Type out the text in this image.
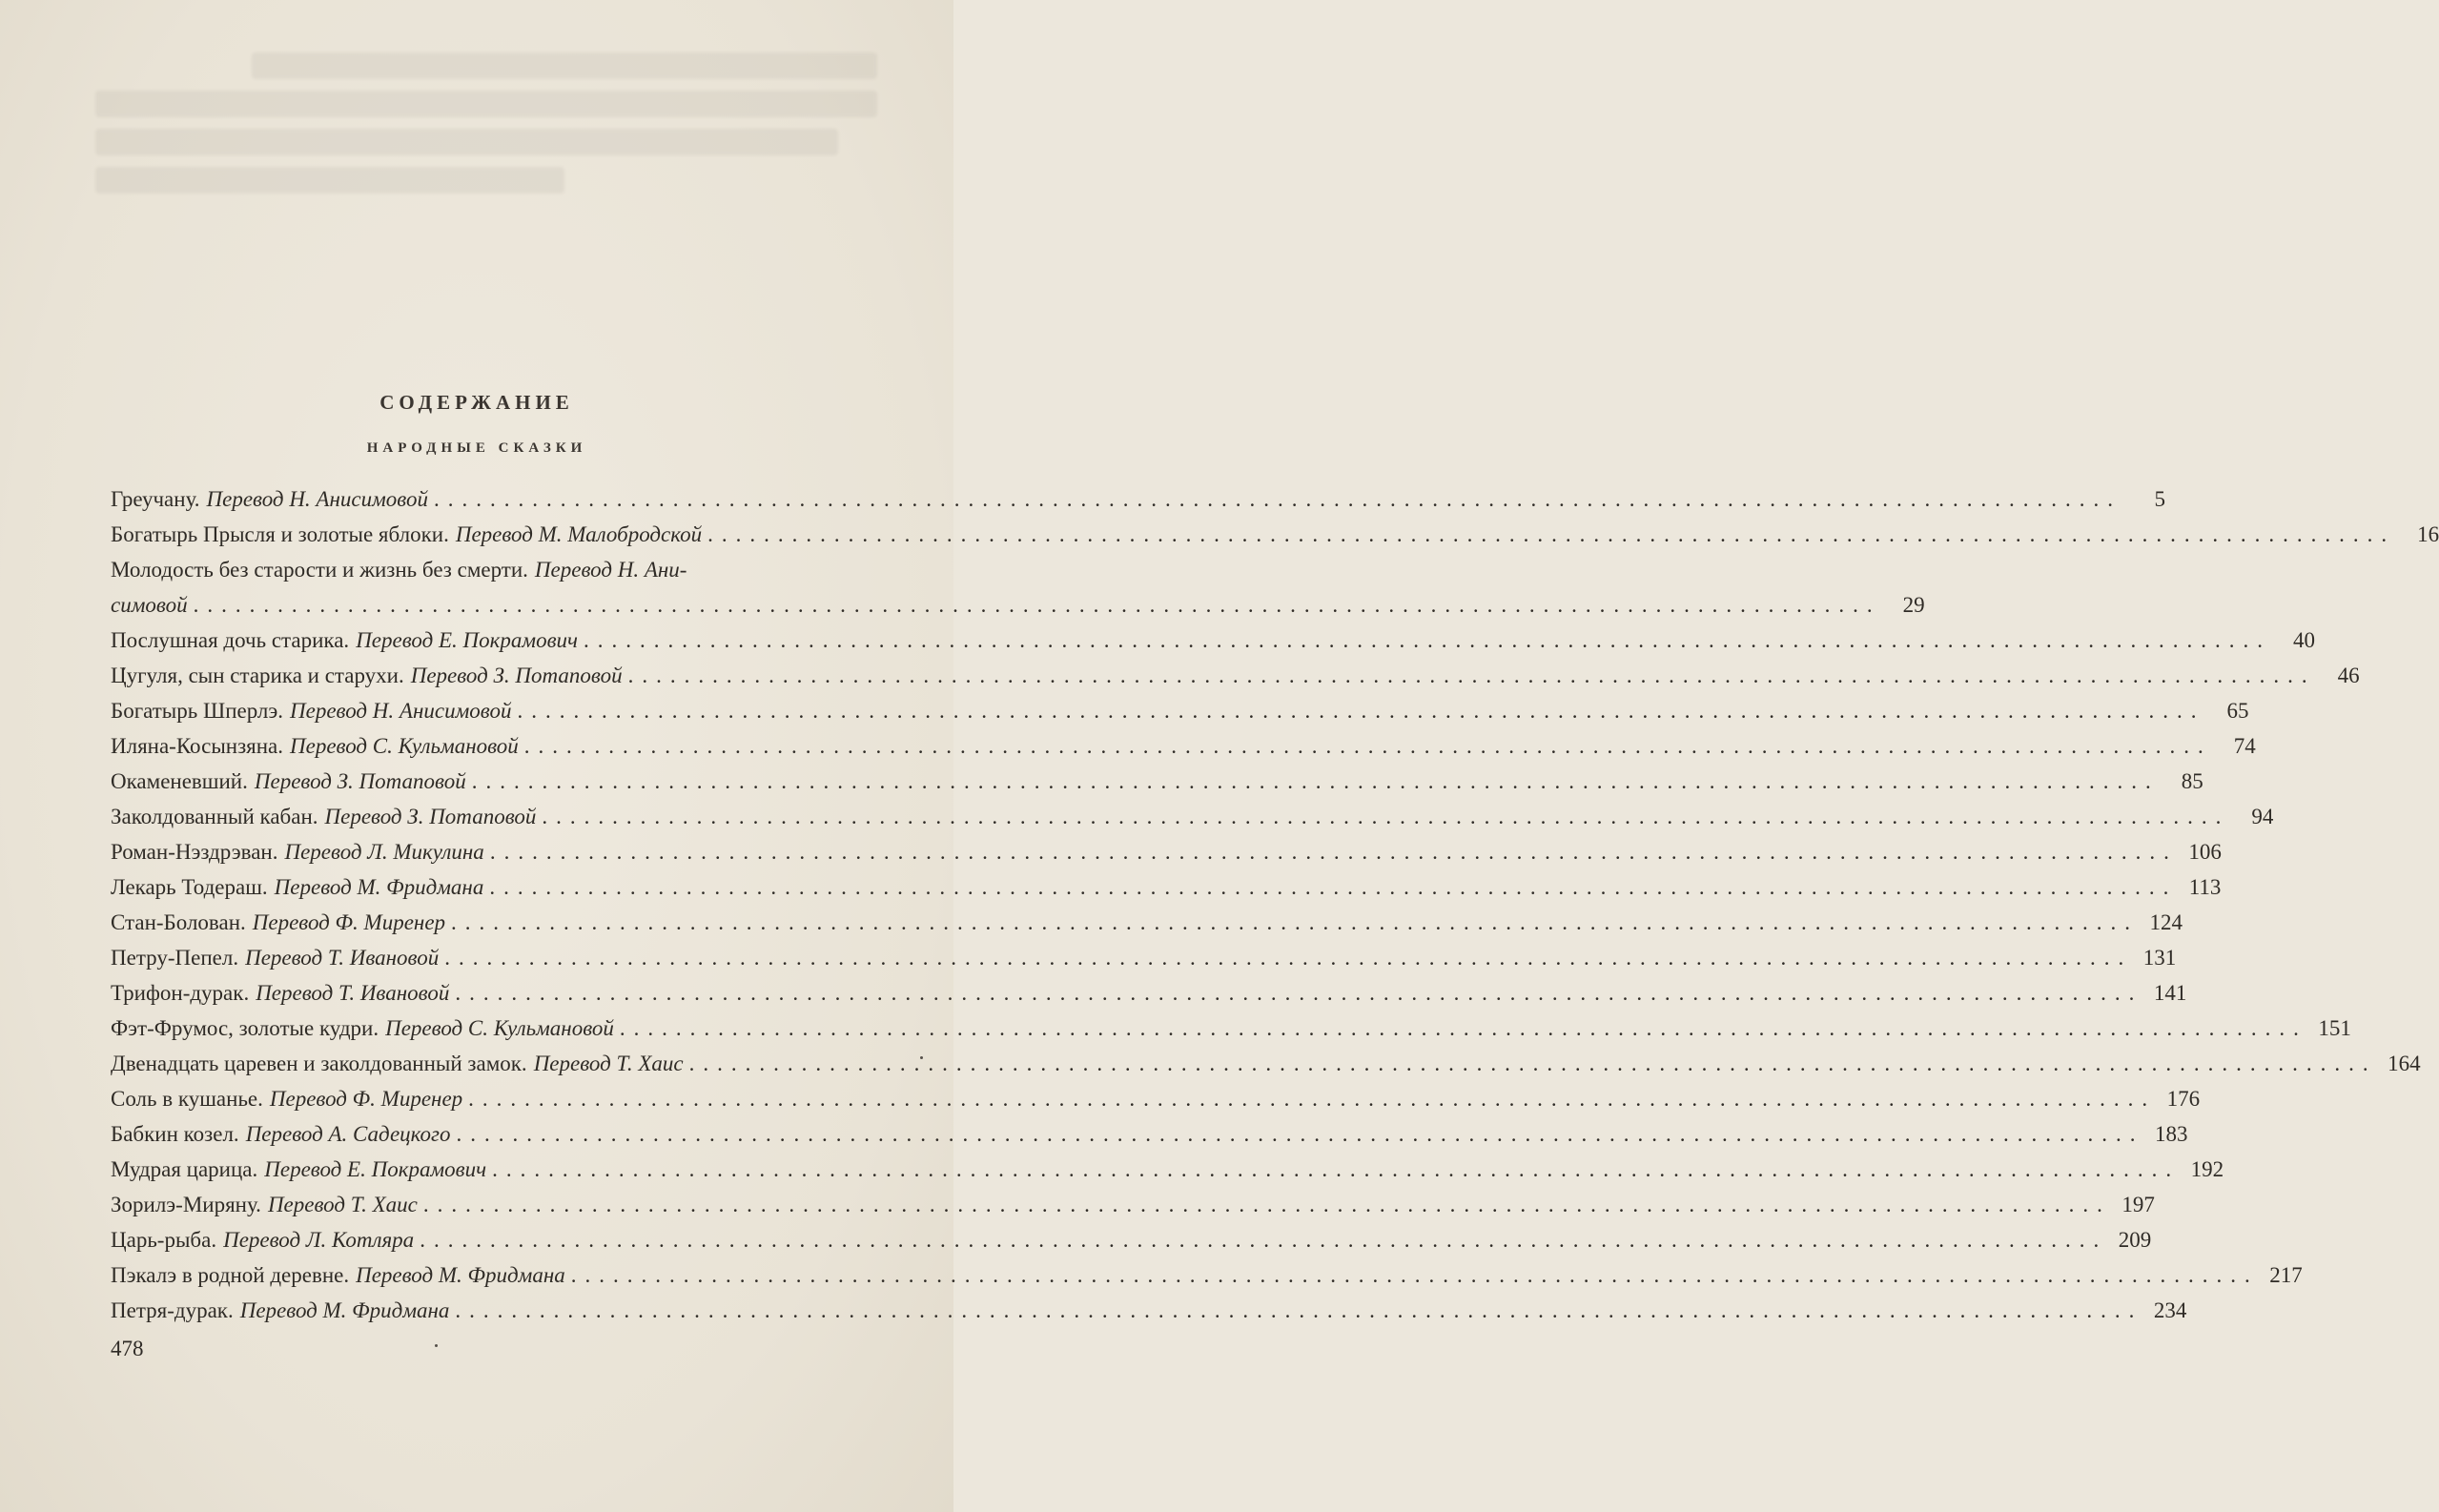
СОДЕРЖАНИЕ
НАРОДНЫЕ СКАЗКИ
Греучану. Перевод Н. Анисимовой ........................................................................................................................	5
Богатырь Прысля и золотые яблоки. Перевод М. Малобродской ........................................................................................................................	16
Молодость без старости и жизнь без смерти. Перевод Н. Ани-
симовой ........................................................................................................................	29
Послушная дочь старика. Перевод Е. Покрамович ........................................................................................................................	40
Цугуля, сын старика и старухи. Перевод З. Потаповой ........................................................................................................................	46
Богатырь Шперлэ. Перевод Н. Анисимовой ........................................................................................................................	65
Иляна-Косынзяна. Перевод С. Кульмановой ........................................................................................................................	74
Окаменевший. Перевод З. Потаповой ........................................................................................................................	85
Заколдованный кабан. Перевод З. Потаповой ........................................................................................................................	94
Роман-Нэздрэван. Перевод Л. Микулина ........................................................................................................................ 106
Лекарь Тодераш. Перевод М. Фридмана ........................................................................................................................ 113
Стан-Болован. Перевод Ф. Миренер ........................................................................................................................ 124
Петру-Пепел. Перевод Т. Ивановой ........................................................................................................................ 131
Трифон-дурак. Перевод Т. Ивановой ........................................................................................................................ 141
Фэт-Фрумос, золотые кудри. Перевод С. Кульмановой ........................................................................................................................ 151
Двенадцать царевен и заколдованный замок. Перевод Т. Хаис ........................................................................................................................ 164
Соль в кушанье. Перевод Ф. Миренер ........................................................................................................................ 176
Бабкин козел. Перевод А. Садецкого ........................................................................................................................ 183
Мудрая царица. Перевод Е. Покрамович ........................................................................................................................ 192
Зорилэ-Миряну. Перевод Т. Хаис ........................................................................................................................ 197
Царь-рыба. Перевод Л. Котляра ........................................................................................................................ 209
Пэкалэ в родной деревне. Перевод М. Фридмана ........................................................................................................................ 217
Петря-дурак. Перевод М. Фридмана ........................................................................................................................ 234
478
